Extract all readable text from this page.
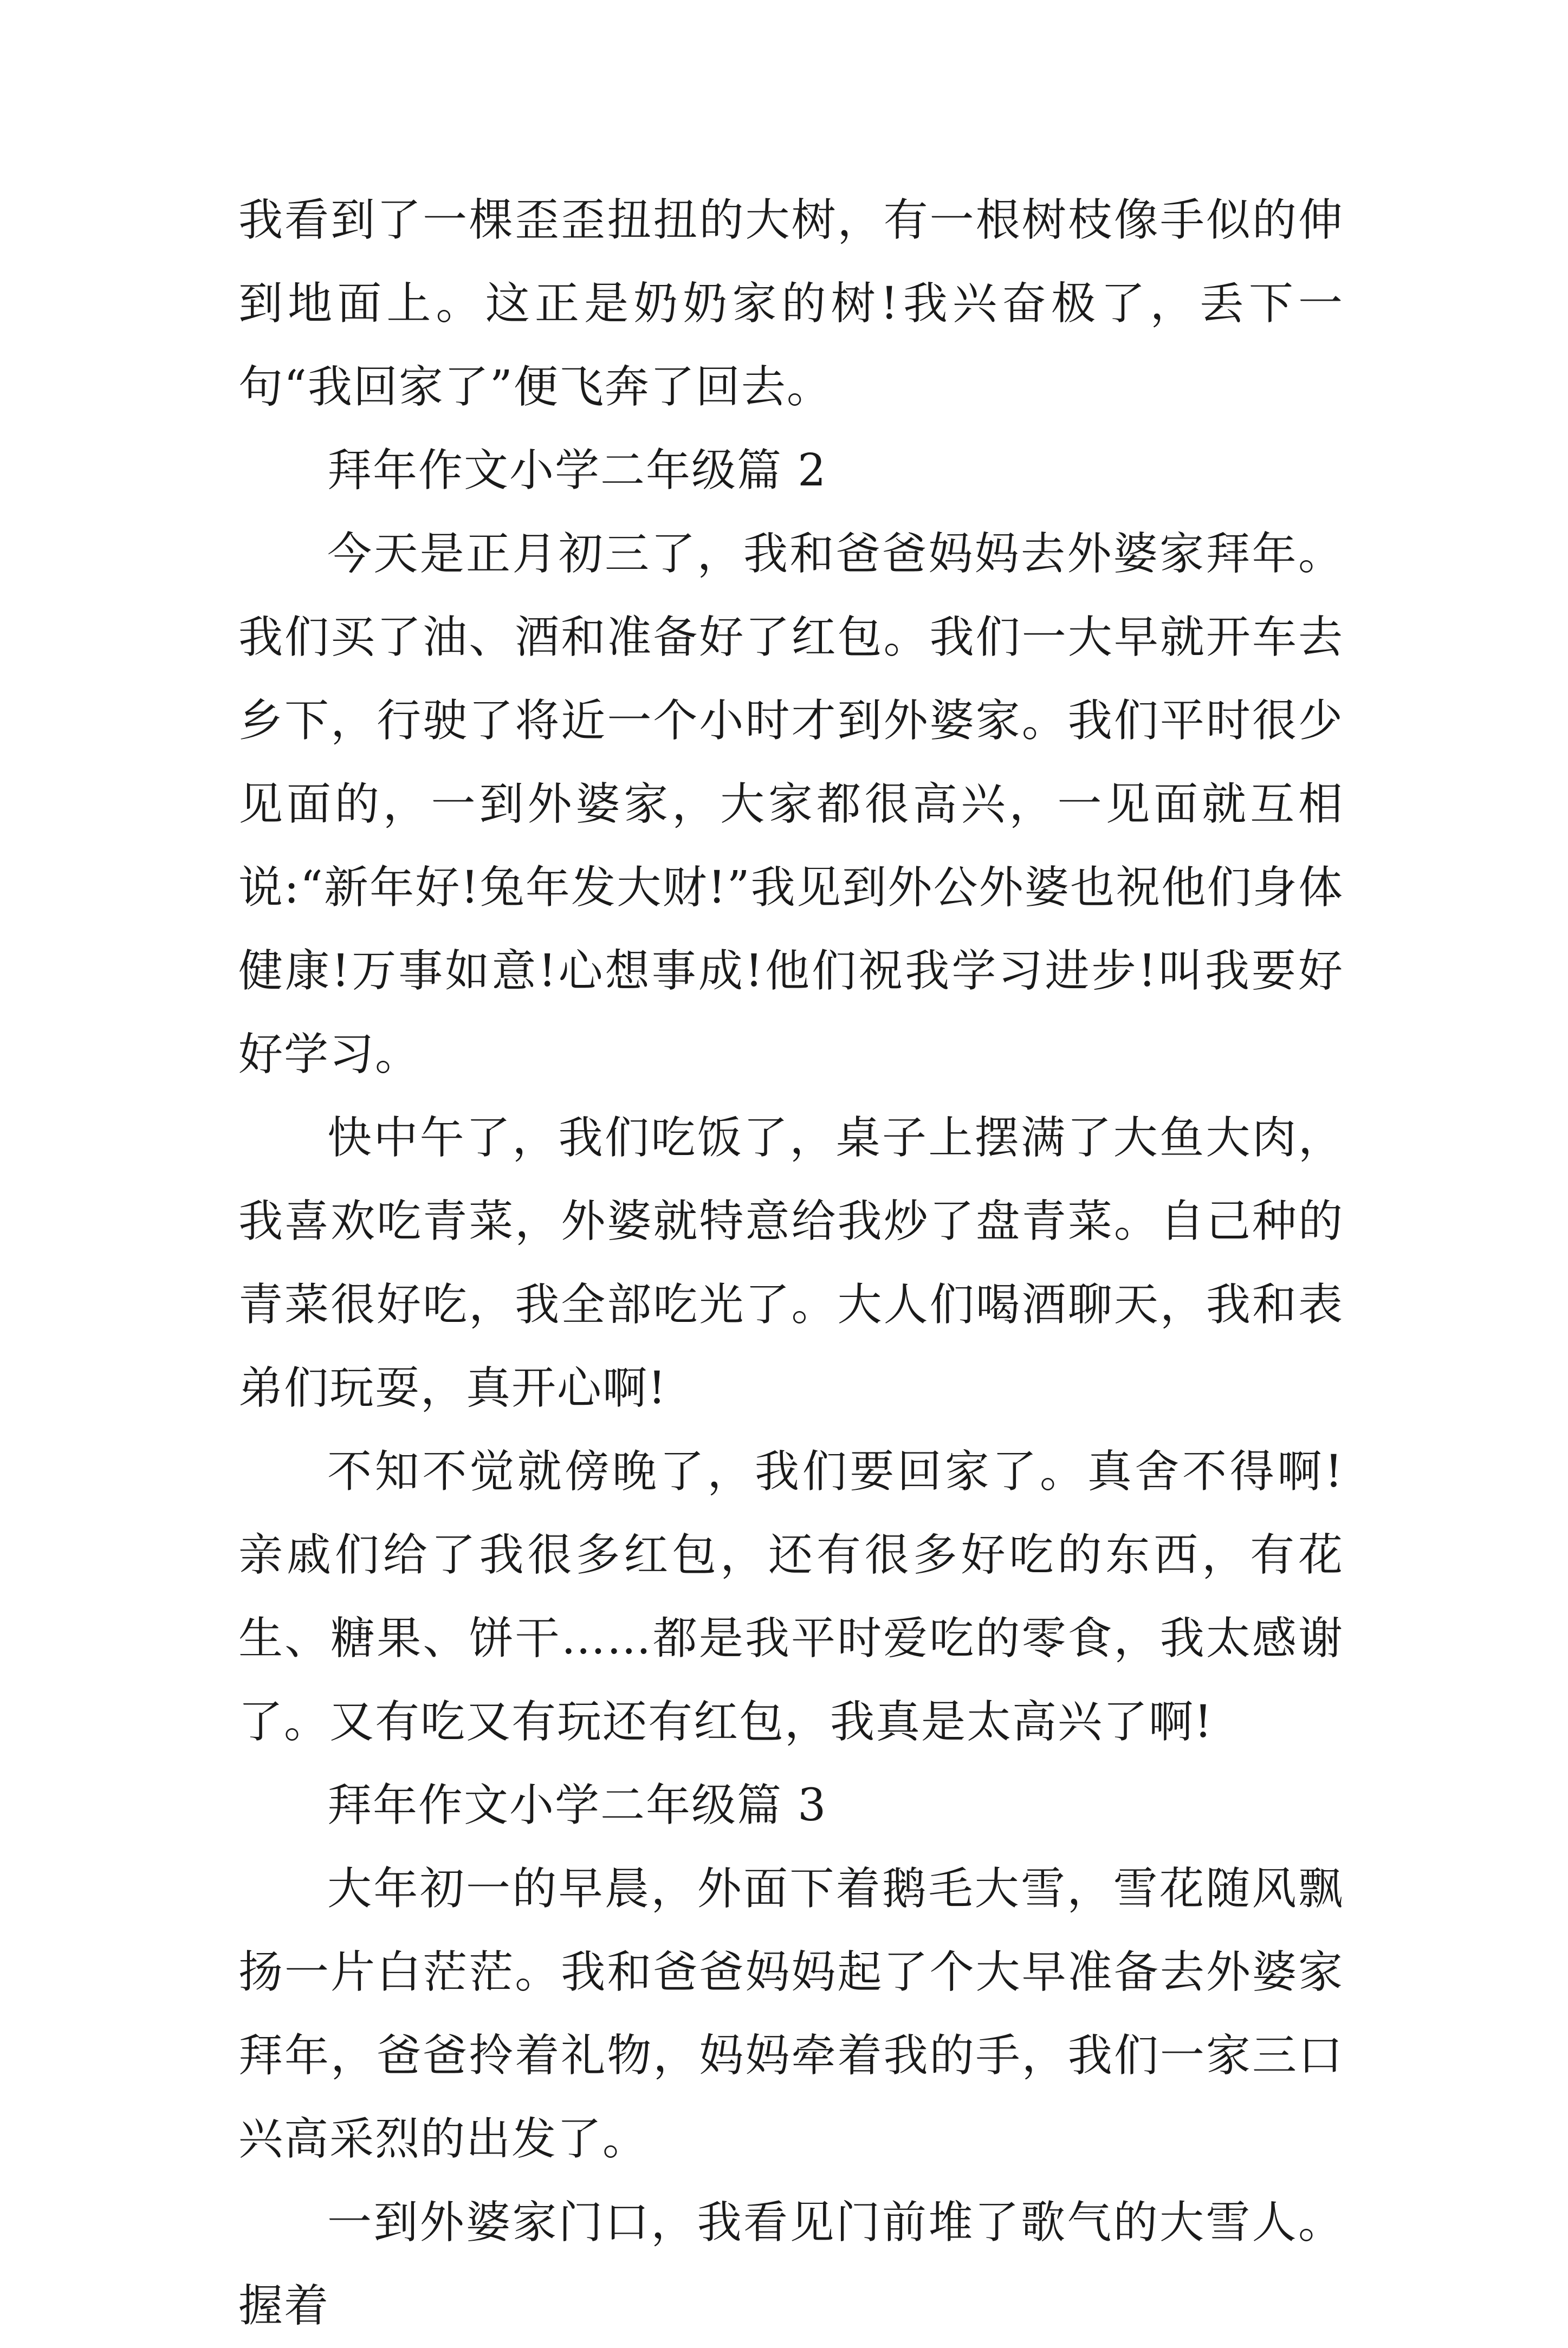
我看到了一棵歪歪扭扭的大树，有一根树枝像手似的伸到地面上。这正是奶奶家的树!我兴奋极了，丢下一句“我回家了”便飞奔了回去。

拜年作文小学二年级篇 2

今天是正月初三了，我和爸爸妈妈去外婆家拜年。我们买了油、酒和准备好了红包。我们一大早就开车去乡下，行驶了将近一个小时才到外婆家。我们平时很少见面的，一到外婆家，大家都很高兴，一见面就互相说:“新年好!兔年发大财!”我见到外公外婆也祝他们身体健康!万事如意!心想事成!他们祝我学习进步!叫我要好好学习。

快中午了，我们吃饭了，桌子上摆满了大鱼大肉，我喜欢吃青菜，外婆就特意给我炒了盘青菜。自己种的青菜很好吃，我全部吃光了。大人们喝酒聊天，我和表弟们玩耍，真开心啊!

不知不觉就傍晚了，我们要回家了。真舍不得啊!亲戚们给了我很多红包，还有很多好吃的东西，有花生、糖果、饼干……都是我平时爱吃的零食，我太感谢了。又有吃又有玩还有红包，我真是太高兴了啊!

拜年作文小学二年级篇 3

大年初一的早晨，外面下着鹅毛大雪，雪花随风飘扬一片白茫茫。我和爸爸妈妈起了个大早准备去外婆家拜年，爸爸拎着礼物，妈妈牵着我的手，我们一家三口兴高采烈的出发了。

一到外婆家门口，我看见门前堆了歌气的大雪人。握着
